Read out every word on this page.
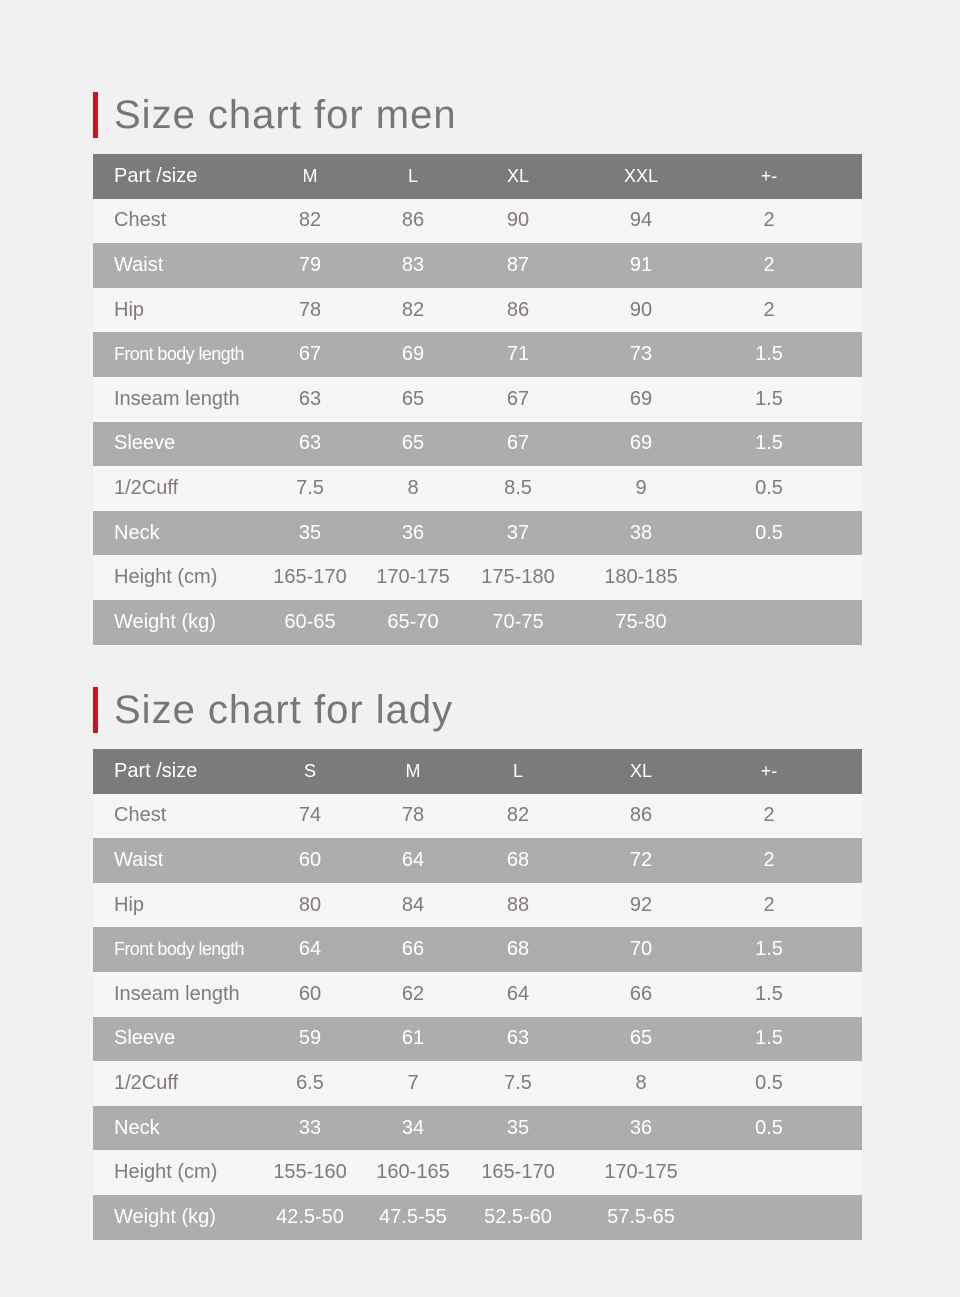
Size chart for men
Part /size	M	L	XL	XXL	+-
Chest	82	86	90	94	2
Waist	79	83	87	91	2
Hip	78	82	86	90	2
Front body length	67	69	71	73	1.5
Inseam length	63	65	67	69	1.5
Sleeve	63	65	67	69	1.5
1/2Cuff	7.5	8	8.5	9	0.5
Neck	35	36	37	38	0.5
Height (cm)	165-170	170-175	175-180	180-185
Weight (kg)	60-65	65-70	70-75	75-80
Size chart for lady
Part /size	S	M	L	XL	+-
Chest	74	78	82	86	2
Waist	60	64	68	72	2
Hip	80	84	88	92	2
Front body length	64	66	68	70	1.5
Inseam length	60	62	64	66	1.5
Sleeve	59	61	63	65	1.5
1/2Cuff	6.5	7	7.5	8	0.5
Neck	33	34	35	36	0.5
Height (cm)	155-160	160-165	165-170	170-175
Weight (kg)	42.5-50	47.5-55	52.5-60	57.5-65
